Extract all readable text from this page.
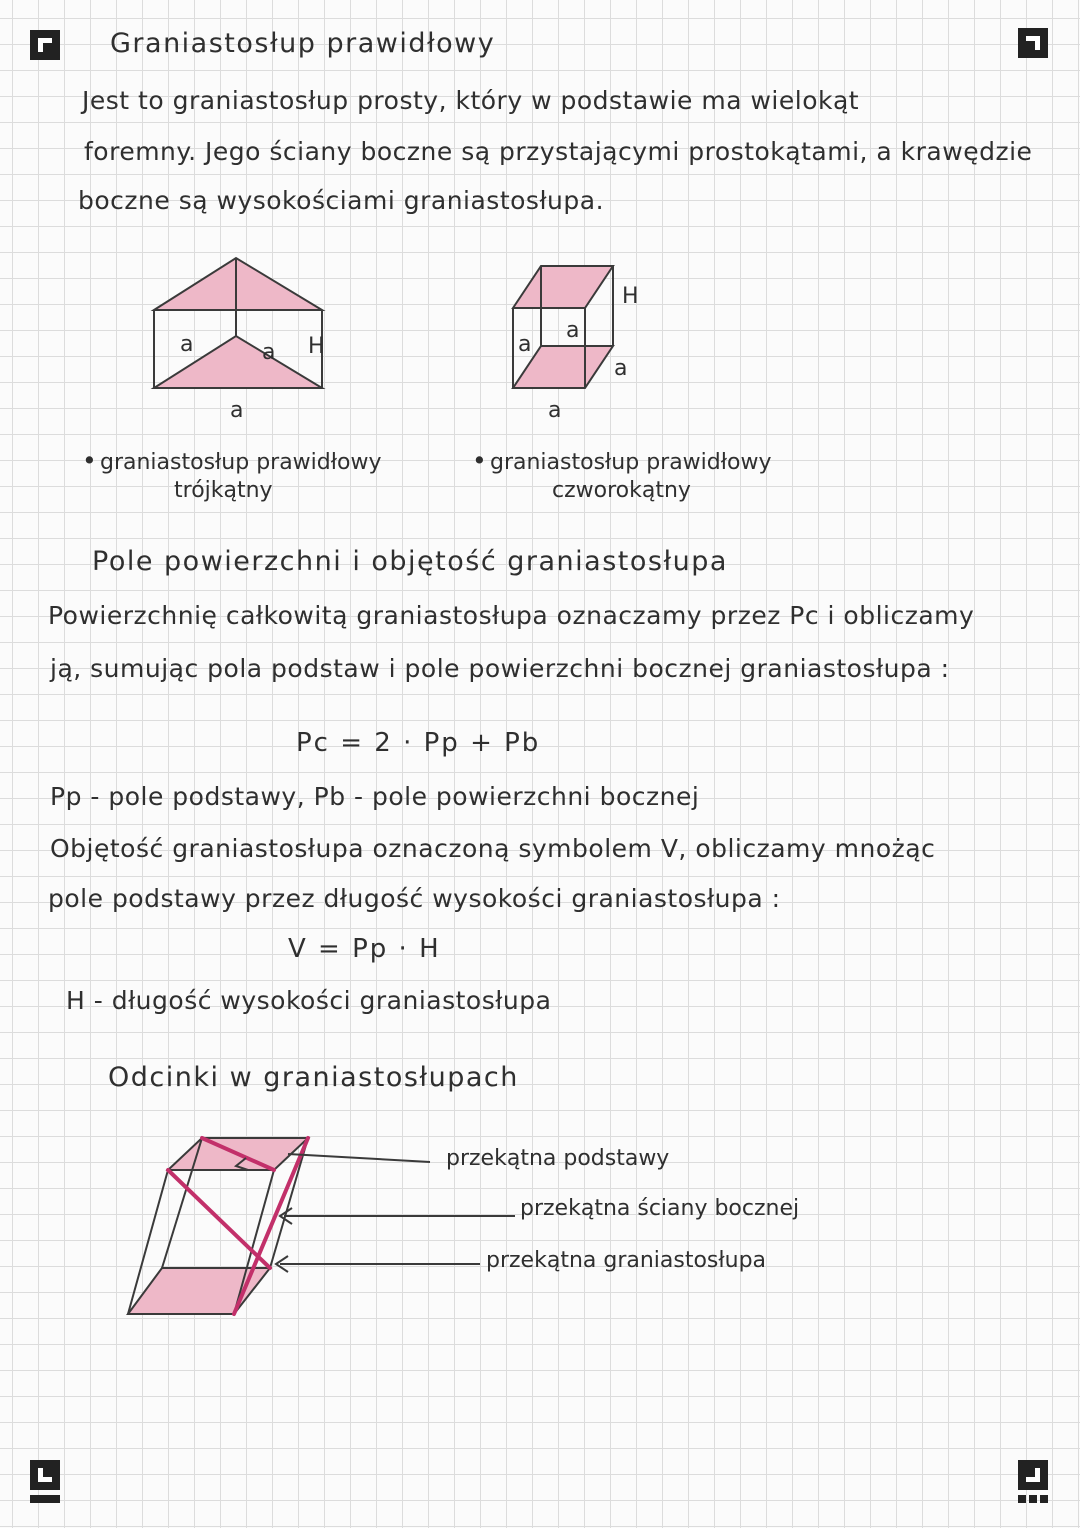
Graniastosłup prawidłowy
Jest to graniastosłup prosty, który w podstawie ma wielokąt
foremny. Jego ściany boczne są przystającymi prostokątami, a krawędzie
boczne są wysokościami graniastosłupa.
a	a
a
H
a
a
a
a
H
• graniastosłup prawidłowy
trójkątny
• graniastosłup prawidłowy
czworokątny
Pole powierzchni i objętość graniastosłupa
Powierzchnię całkowitą graniastosłupa oznaczamy przez Pc i obliczamy
ją, sumując pola podstaw i pole powierzchni bocznej graniastosłupa :
Pc = 2 · Pp + Pb
Pp - pole podstawy, Pb - pole powierzchni bocznej
Objętość graniastosłupa oznaczoną symbolem V, obliczamy mnożąc
pole podstawy przez długość wysokości graniastosłupa :
V = Pp · H
H - długość wysokości graniastosłupa
Odcinki w graniastosłupach
przekątna podstawy
przekątna ściany bocznej
przekątna graniastosłupa
